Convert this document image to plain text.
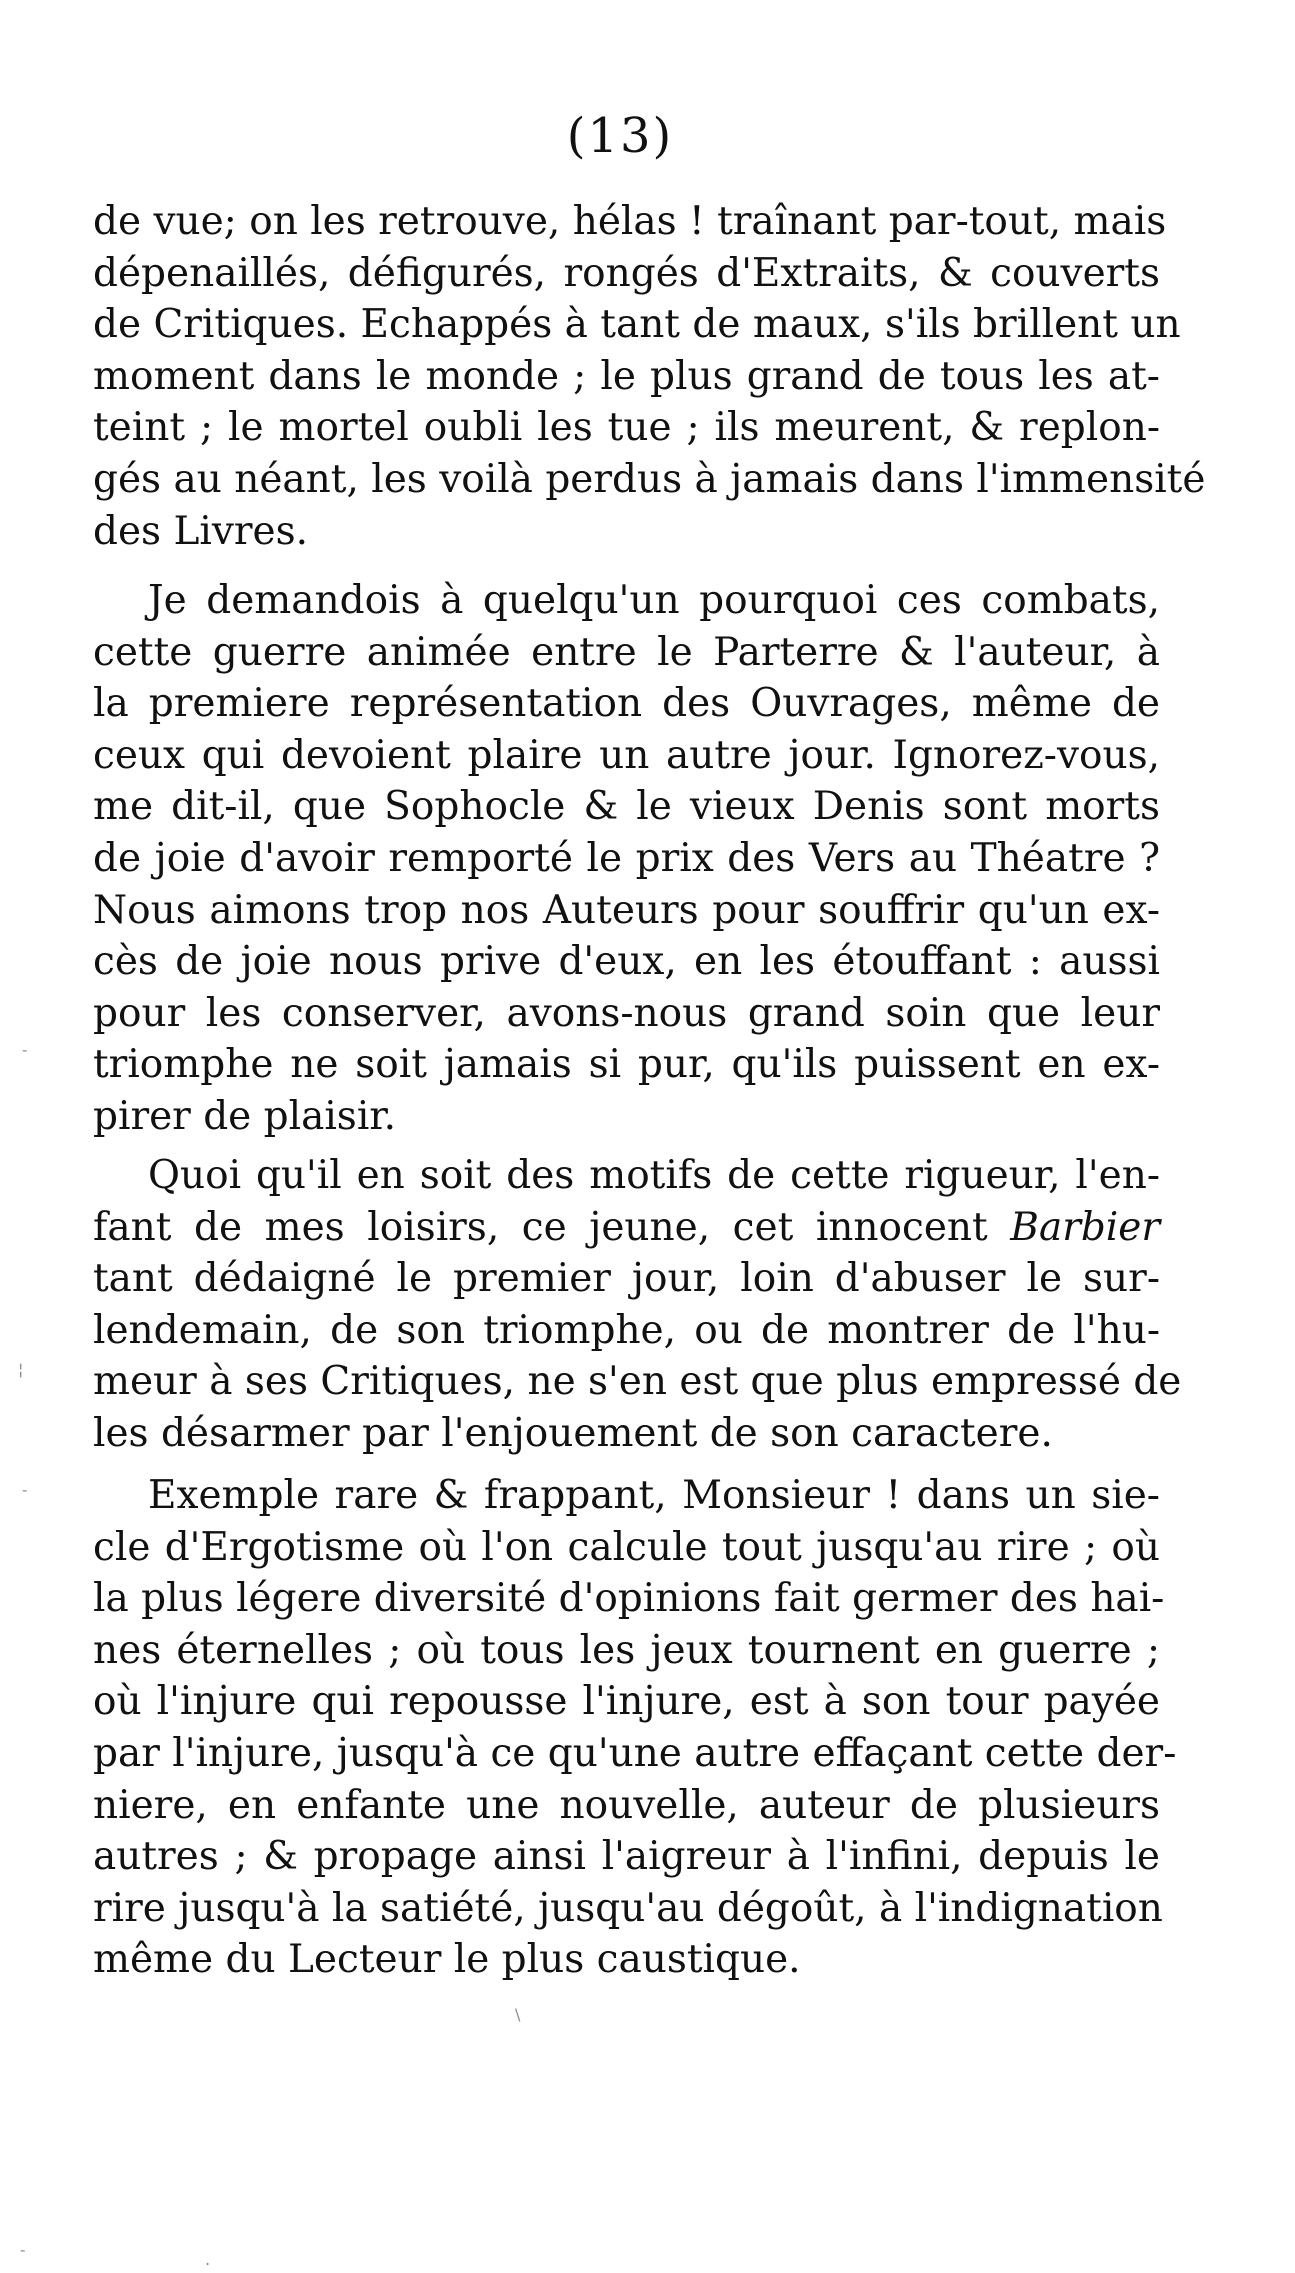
(13)
de vue; on les retrouve, hélas ! traînant par-tout, mais
dépenaillés, défigurés, rongés d'Extraits, & couverts
de Critiques. Echappés à tant de maux, s'ils brillent un
moment dans le monde ; le plus grand de tous les at-
teint ; le mortel oubli les tue ; ils meurent, & replon-
gés au néant, les voilà perdus à jamais dans l'immensité
des Livres.
Je demandois à quelqu'un pourquoi ces combats,
cette guerre animée entre le Parterre & l'auteur, à
la premiere représentation des Ouvrages, même de
ceux qui devoient plaire un autre jour. Ignorez-vous,
me dit-il, que Sophocle & le vieux Denis sont morts
de joie d'avoir remporté le prix des Vers au Théatre ?
Nous aimons trop nos Auteurs pour souffrir qu'un ex-
cès de joie nous prive d'eux, en les étouffant : aussi
pour les conserver, avons-nous grand soin que leur
triomphe ne soit jamais si pur, qu'ils puissent en ex-
pirer de plaisir.
Quoi qu'il en soit des motifs de cette rigueur, l'en-
fant de mes loisirs, ce jeune, cet innocent Barbier
tant dédaigné le premier jour, loin d'abuser le sur-
lendemain, de son triomphe, ou de montrer de l'hu-
meur à ses Critiques, ne s'en est que plus empressé de
les désarmer par l'enjouement de son caractere.
Exemple rare & frappant, Monsieur ! dans un sie-
cle d'Ergotisme où l'on calcule tout jusqu'au rire ; où
la plus légere diversité d'opinions fait germer des hai-
nes éternelles ; où tous les jeux tournent en guerre ;
où l'injure qui repousse l'injure, est à son tour payée
par l'injure, jusqu'à ce qu'une autre effaçant cette der-
niere, en enfante une nouvelle, auteur de plusieurs
autres ; & propage ainsi l'aigreur à l'infini, depuis le
rire jusqu'à la satiété, jusqu'au dégoût, à l'indignation
même du Lecteur le plus caustique.
¦
-
-
-
\
.
